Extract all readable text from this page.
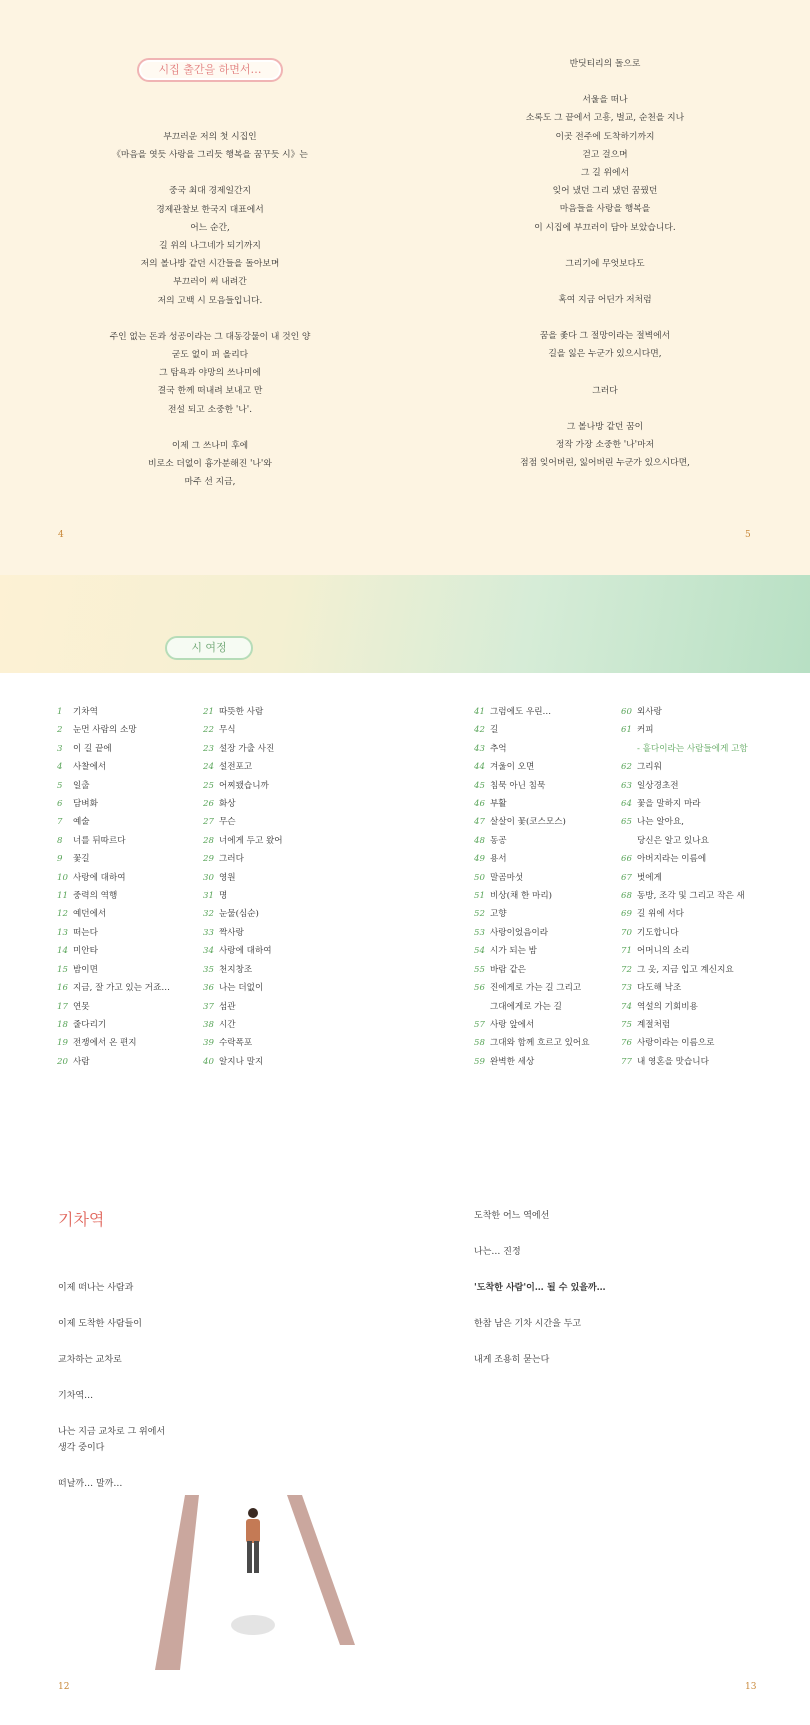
시집 출간을 하면서…
부끄러운 저의 첫 시집인
《마음을 엿듯 사랑을 그리듯 행복을 꿈꾸듯 시》는
중국 최대 경제일간지
경제관찰보 한국지 대표에서
어느 순간,
길 위의 나그네가 되기까지
저의 볼나방 같던 시간들을 돌아보며
부끄러이 써 내려간
저의 고백 시 모음들입니다.
주인 없는 돈과 성공이라는 그 대동강물이 내 것인 양
굳도 없이 퍼 올리다
그 탐욕과 야망의 쓰나미에
결국 한께 떠내려 보내고 만
전설 되고 소중한 '나'.
이제 그 쓰나미 후에
비로소 더없이 흉가분해진 '나'와
마주 선 지금,
반딧티리의 돌으로
서울을 떠나
소록도 그 끝에서 고흥, 벌교, 순천을 지나
이곳 전주에 도착하기까지
걷고 걸으며
그 길 위에서
잊어 냈던 그리 냈던 꿈꿨던
마음들을 사랑을 행복을
이 시집에 부끄러이 담아 보았습니다.
그리기에 무엇보다도
혹여 지금 어딘가 저처럼
꿈을 좇다 그 절망이라는 절벽에서
길을 잃은 누군가 있으시다면,
그러다
그 볼나방 같던 꿈이
정작 가장 소중한 '나'마저
점점 잊어버린, 잃어버린 누군가 있으시다면,
4	5
시 여정
1	기차역
2	눈먼 사람의 소망
3	이 길 끝에
4	사찰에서
5	일출
6	담벼화
7	예술
8	너를 뒤따르다
9	꽃길
10 사랑에 대하여
11 중력의 역행
12 예던에서
13 떠는다
14 미안타
15 밤이면
16 지금, 잘 가고 있는 거죠…
17 연못
18 줄다리기
19 전쟁에서 온 편지
20 사람
21 따뜻한 사람
22 무식
23 설장 가출 사진
24 설전포고
25 어찌됐습니까
26 화상
27 무슨
28 너에게 두고 왔어
29 그러다
30 영원
31 명
32 눈물(심순)
33 짝사랑
34 사랑에 대하여
35 천지창조
36 나는 더없이
37 섬관
38 시간
39 수락폭포
40 알지나 말지
41 그럼에도 우린…
42 길
43 추억
44 겨울이 오면
45 침묵 아닌 침묵
46 부활
47 살살이 꽃(코스모스)
48 동공
49 용서
50 말곰마섯
51 비상(채 한 마리)
52 고향
53 사랑이었음이라
54 시가 되는 밤
55 바람 같은
56 진에게로 가는 길 그리고
그대에게로 가는 길
57 사랑 앞에서
58 그대와 함께 흐르고 있어요
59 완벽한 세상
60 외사랑
61 커피
- 흩다이라는 사람들에게 고함
62 그리워
63 일상경초전
64 꽃을 말하지 마라
65 나는 알아요,
당신은 알고 있나요
66 아버지라는 이름에
67 벗에게
68 동방, 조각 및 그리고 작은 새
69 길 위에 서다
70 기도합니다
71 어머니의 소리
72 그 옷, 지금 입고 계신지요
73 다도해 낙조
74 역설의 기회비용
75 계절처럼
76 사랑이라는 이름으로
77 내 영혼을 맛습니다
기차역
이제 떠나는 사람과
이제 도착한 사람들이
교차하는 교차로
기차역…
나는 지금 교차로 그 위에서
생각 중이다
떠날까… 말까…
도착한 어느 역에선
나는… 진정
'도착한 사람'이… 될 수 있을까…
한참 남은 기차 시간을 두고
내게 조용히 묻는다
12	13
